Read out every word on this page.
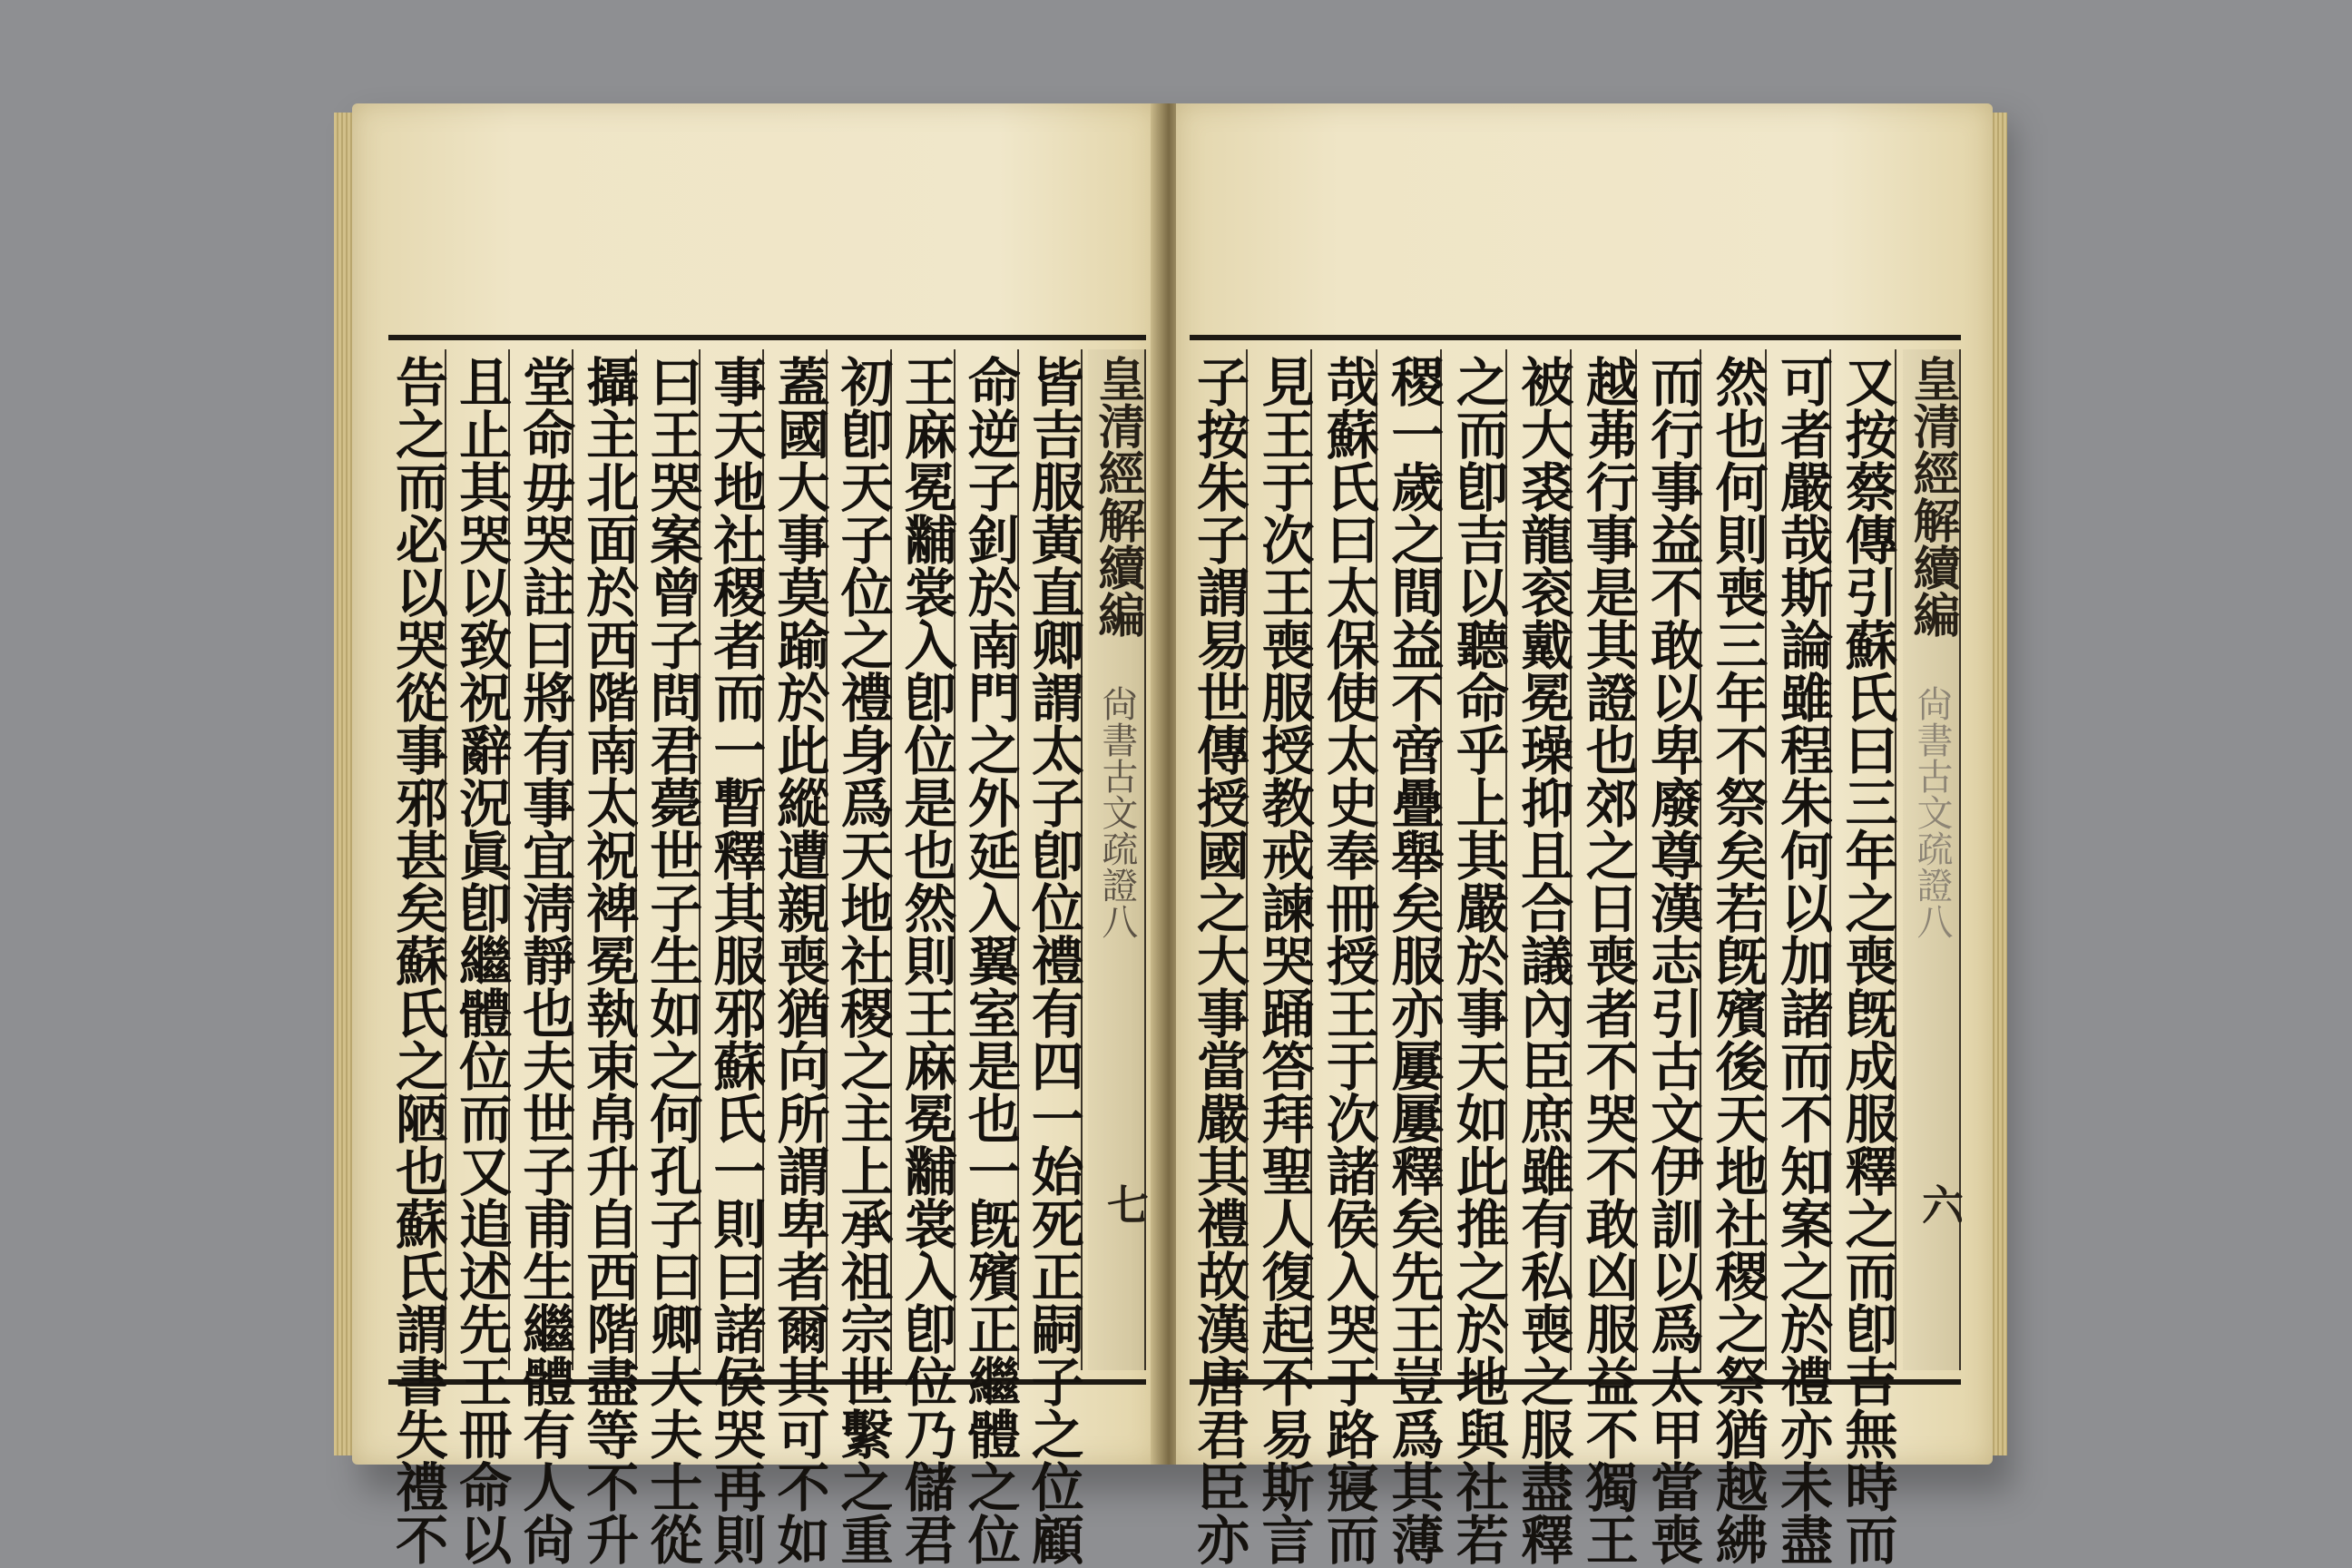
皇清經解續編
尙書古文疏證八
七
皆吉服黃直卿謂太子卽位禮有四一始死正嗣子之位顧
命逆子釗於南門之外延入翼室是也一旣殯正繼體之位
王麻冕黼裳入卽位是也然則王麻冕黼裳入卽位乃儲君
初卽天子位之禮身爲天地社稷之主上承祖宗世繫之重
蓋國大事莫踰於此縱遭親喪猶向所謂卑者爾其可不如
事天地社稷者而一暫釋其服邪蘇氏一則曰諸侯哭再則
曰王哭案曾子問君薨世子生如之何孔子曰卿大夫士從
攝主北面於西階南太祝裨冕執束帛升自西階盡等不升
堂命毋哭註曰將有事宜淸靜也夫世子甫生繼體有人尙
且止其哭以致祝辭況眞卽繼體位而又追述先王冊命以
告之而必以哭從事邪甚矣蘇氏之陋也蘇氏謂書失禮不	皇清經解續編
尙書古文疏證八
六
又按蔡傳引蘇氏曰三年之喪旣成服釋之而卽吉無時而
可者嚴哉斯論雖程朱何以加諸而不知案之於禮亦未盡
然也何則喪三年不祭矣若旣殯後天地社稷之祭猶越紼
而行事益不敢以卑廢尊漢志引古文伊訓以爲太甲當喪
越茀行事是其證也郊之日喪者不哭不敢凶服益不獨王
被大裘龍衮戴冕璪抑且合議內臣庶雖有私喪之服盡釋
之而卽吉以聽命乎上其嚴於事天如此推之於地與社若
稷一歲之間益不啻疊舉矣服亦屢屢釋矣先王豈爲其薄
哉蘇氏曰太保使太史奉冊授王于次諸侯入哭于路寢而
見王于次王喪服授教戒諫哭踊答拜聖人復起不易斯言
子按朱子謂易世傳授國之大事當嚴其禮故漢唐君臣亦
